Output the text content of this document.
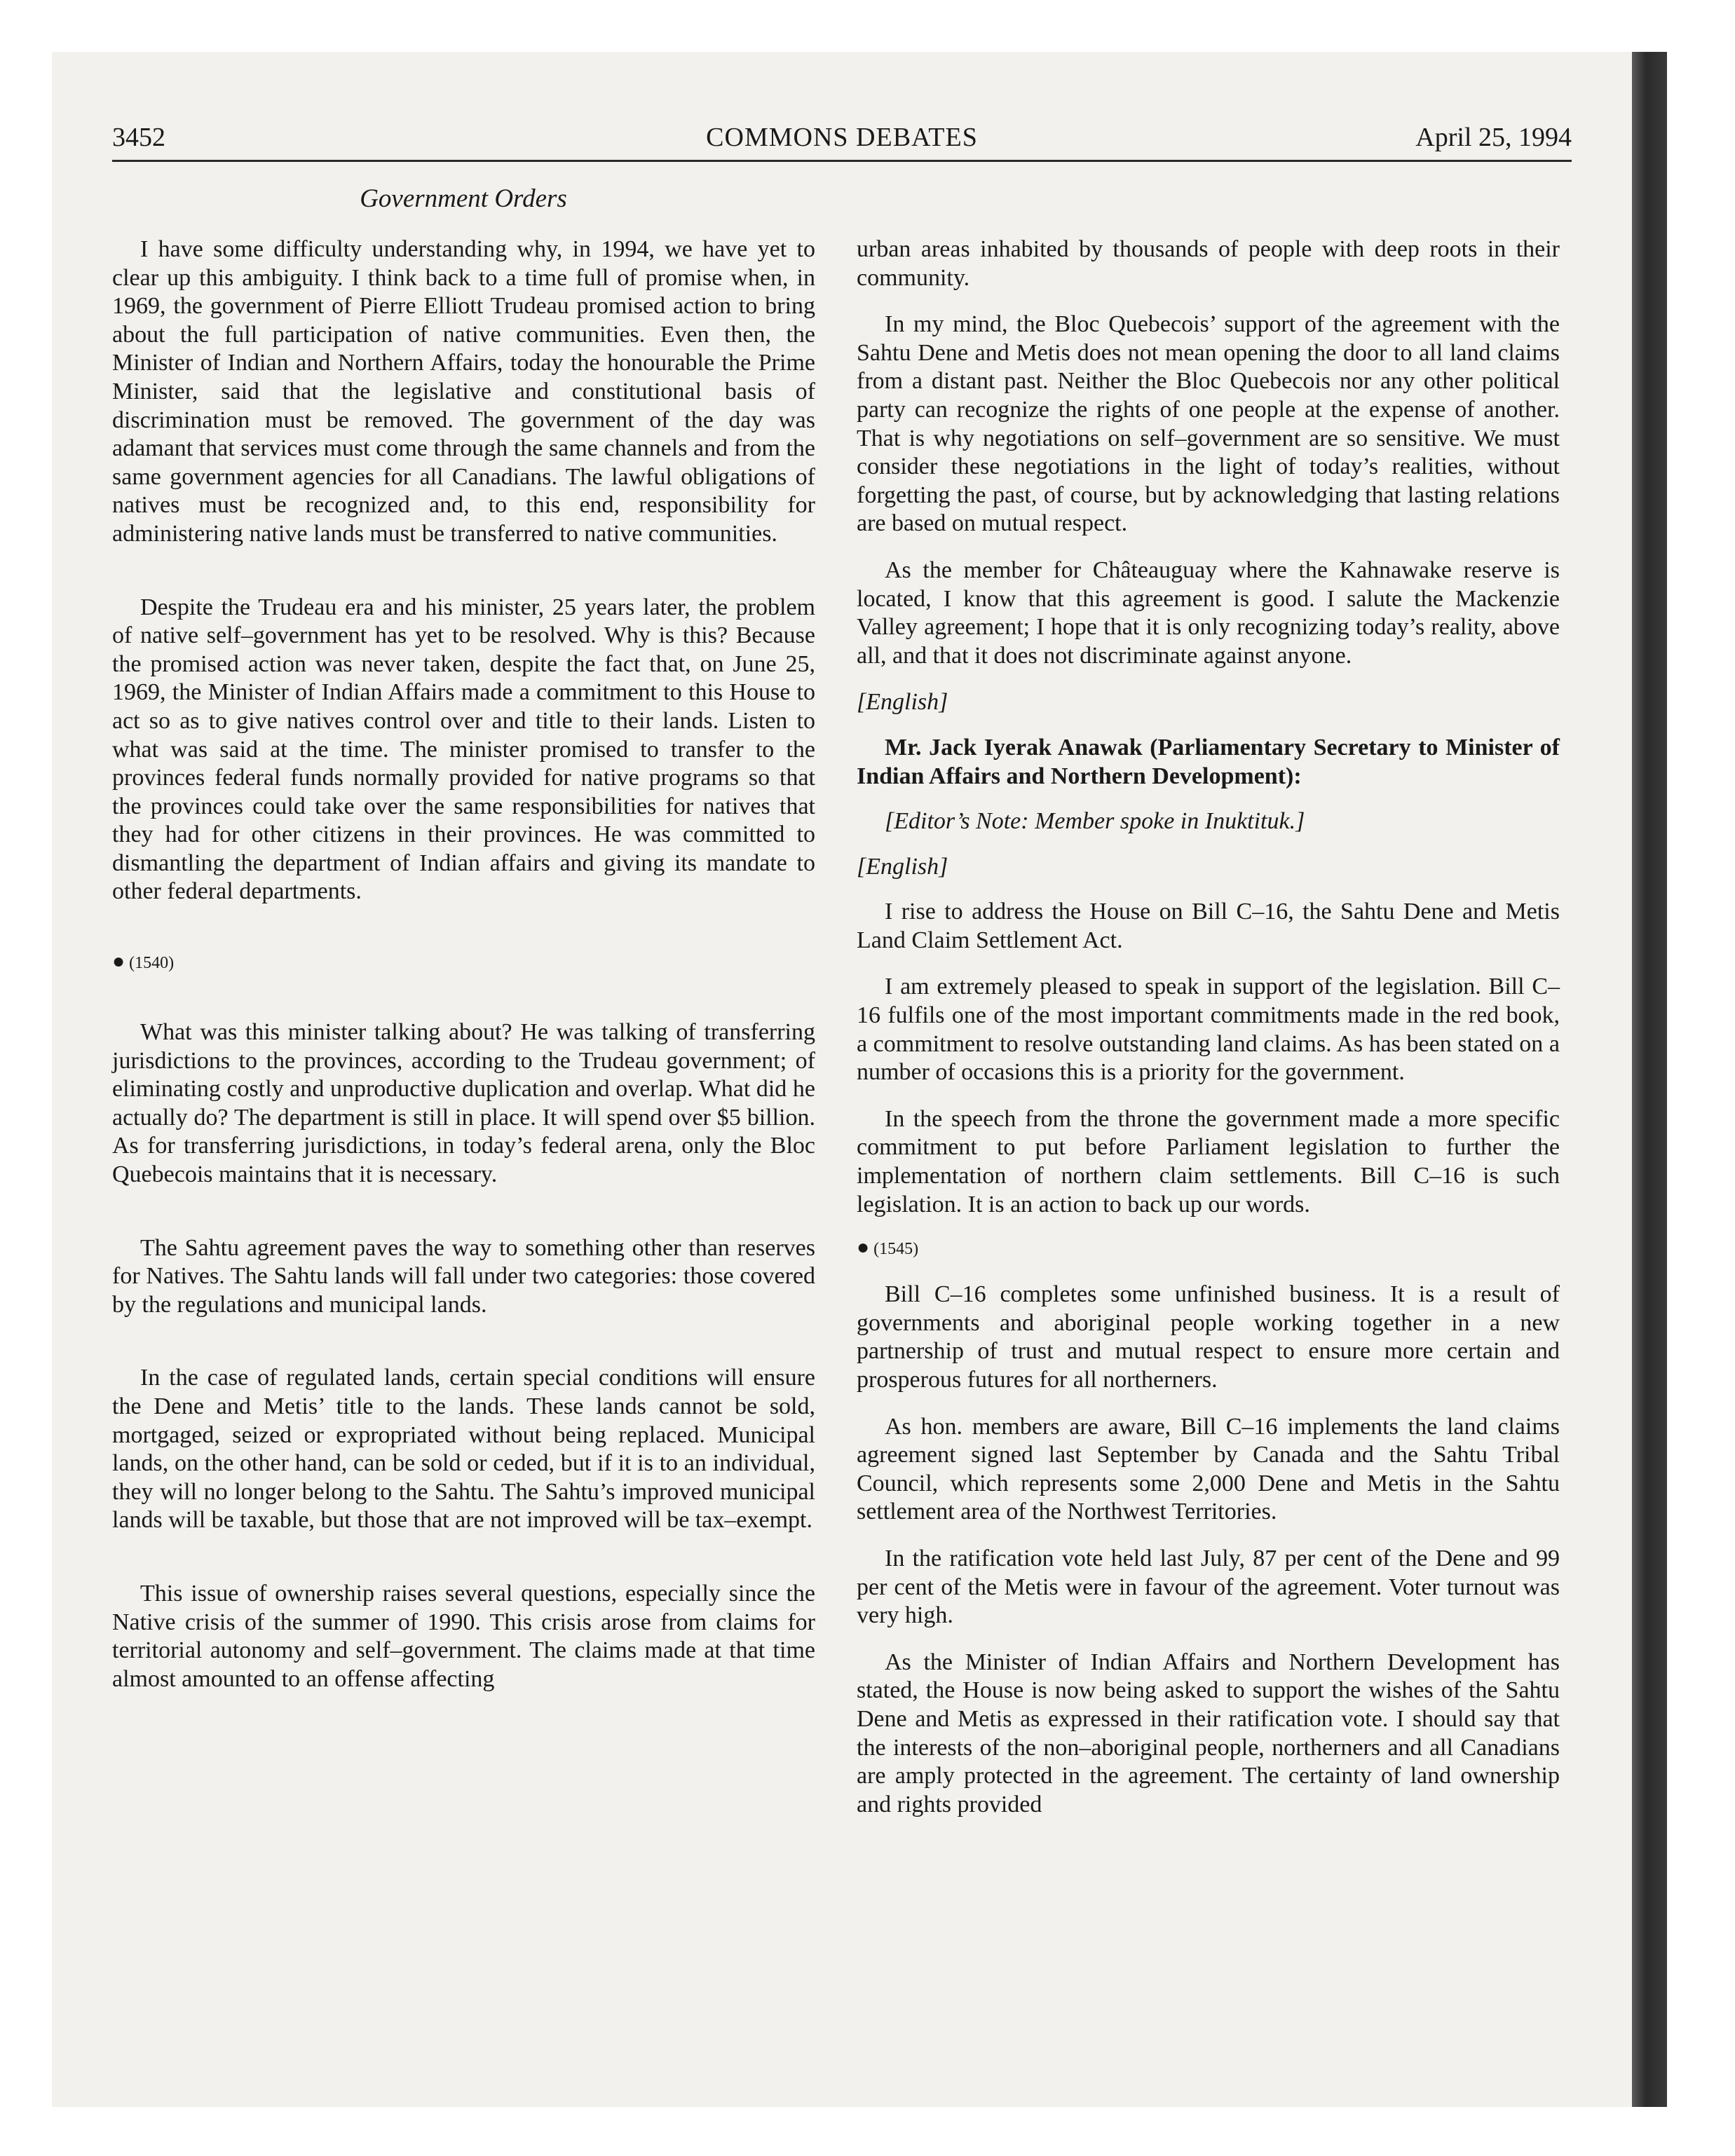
3452	COMMONS DEBATES	April 25, 1994
Government Orders

I have some difficulty understanding why, in 1994, we have yet to clear up this ambiguity. I think back to a time full of promise when, in 1969, the government of Pierre Elliott Trudeau promised action to bring about the full participation of native communities. Even then, the Minister of Indian and Northern Affairs, today the honourable the Prime Minister, said that the legislative and constitutional basis of discrimination must be removed. The government of the day was adamant that services must come through the same channels and from the same government agencies for all Canadians. The lawful obligations of natives must be recognized and, to this end, responsibility for administering native lands must be transferred to native communities.

Despite the Trudeau era and his minister, 25 years later, the problem of native self–government has yet to be resolved. Why is this? Because the promised action was never taken, despite the fact that, on June 25, 1969, the Minister of Indian Affairs made a commitment to this House to act so as to give natives control over and title to their lands. Listen to what was said at the time. The minister promised to transfer to the provinces federal funds normally provided for native programs so that the provinces could take over the same responsibilities for natives that they had for other citizens in their provinces. He was committed to dismantling the department of Indian affairs and giving its mandate to other federal departments.

● (1540)

What was this minister talking about? He was talking of transferring jurisdictions to the provinces, according to the Trudeau government; of eliminating costly and unproductive duplication and overlap. What did he actually do? The department is still in place. It will spend over $5 billion. As for transferring jurisdictions, in today’s federal arena, only the Bloc Quebecois maintains that it is necessary.

The Sahtu agreement paves the way to something other than reserves for Natives. The Sahtu lands will fall under two categories: those covered by the regulations and municipal lands.

In the case of regulated lands, certain special conditions will ensure the Dene and Metis’ title to the lands. These lands cannot be sold, mortgaged, seized or expropriated without being replaced. Municipal lands, on the other hand, can be sold or ceded, but if it is to an individual, they will no longer belong to the Sahtu. The Sahtu’s improved municipal lands will be taxable, but those that are not improved will be tax–exempt.

This issue of ownership raises several questions, especially since the Native crisis of the summer of 1990. This crisis arose from claims for territorial autonomy and self–government. The claims made at that time almost amounted to an offense affecting

urban areas inhabited by thousands of people with deep roots in their community.

In my mind, the Bloc Quebecois’ support of the agreement with the Sahtu Dene and Metis does not mean opening the door to all land claims from a distant past. Neither the Bloc Quebecois nor any other political party can recognize the rights of one people at the expense of another. That is why negotiations on self–government are so sensitive. We must consider these negotiations in the light of today’s realities, without forgetting the past, of course, but by acknowledging that lasting relations are based on mutual respect.

As the member for Châteauguay where the Kahnawake reserve is located, I know that this agreement is good. I salute the Mackenzie Valley agreement; I hope that it is only recognizing today’s reality, above all, and that it does not discriminate against anyone.

[English]

Mr. Jack Iyerak Anawak (Parliamentary Secretary to Minister of Indian Affairs and Northern Development):

[Editor’s Note: Member spoke in Inuktituk.]

[English]

I rise to address the House on Bill C–16, the Sahtu Dene and Metis Land Claim Settlement Act.

I am extremely pleased to speak in support of the legislation. Bill C–16 fulfils one of the most important commitments made in the red book, a commitment to resolve outstanding land claims. As has been stated on a number of occasions this is a priority for the government.

In the speech from the throne the government made a more specific commitment to put before Parliament legislation to further the implementation of northern claim settlements. Bill C–16 is such legislation. It is an action to back up our words.

● (1545)

Bill C–16 completes some unfinished business. It is a result of governments and aboriginal people working together in a new partnership of trust and mutual respect to ensure more certain and prosperous futures for all northerners.

As hon. members are aware, Bill C–16 implements the land claims agreement signed last September by Canada and the Sahtu Tribal Council, which represents some 2,000 Dene and Metis in the Sahtu settlement area of the Northwest Territories.

In the ratification vote held last July, 87 per cent of the Dene and 99 per cent of the Metis were in favour of the agreement. Voter turnout was very high.

As the Minister of Indian Affairs and Northern Development has stated, the House is now being asked to support the wishes of the Sahtu Dene and Metis as expressed in their ratification vote. I should say that the interests of the non–aboriginal people, northerners and all Canadians are amply protected in the agreement. The certainty of land ownership and rights provided
